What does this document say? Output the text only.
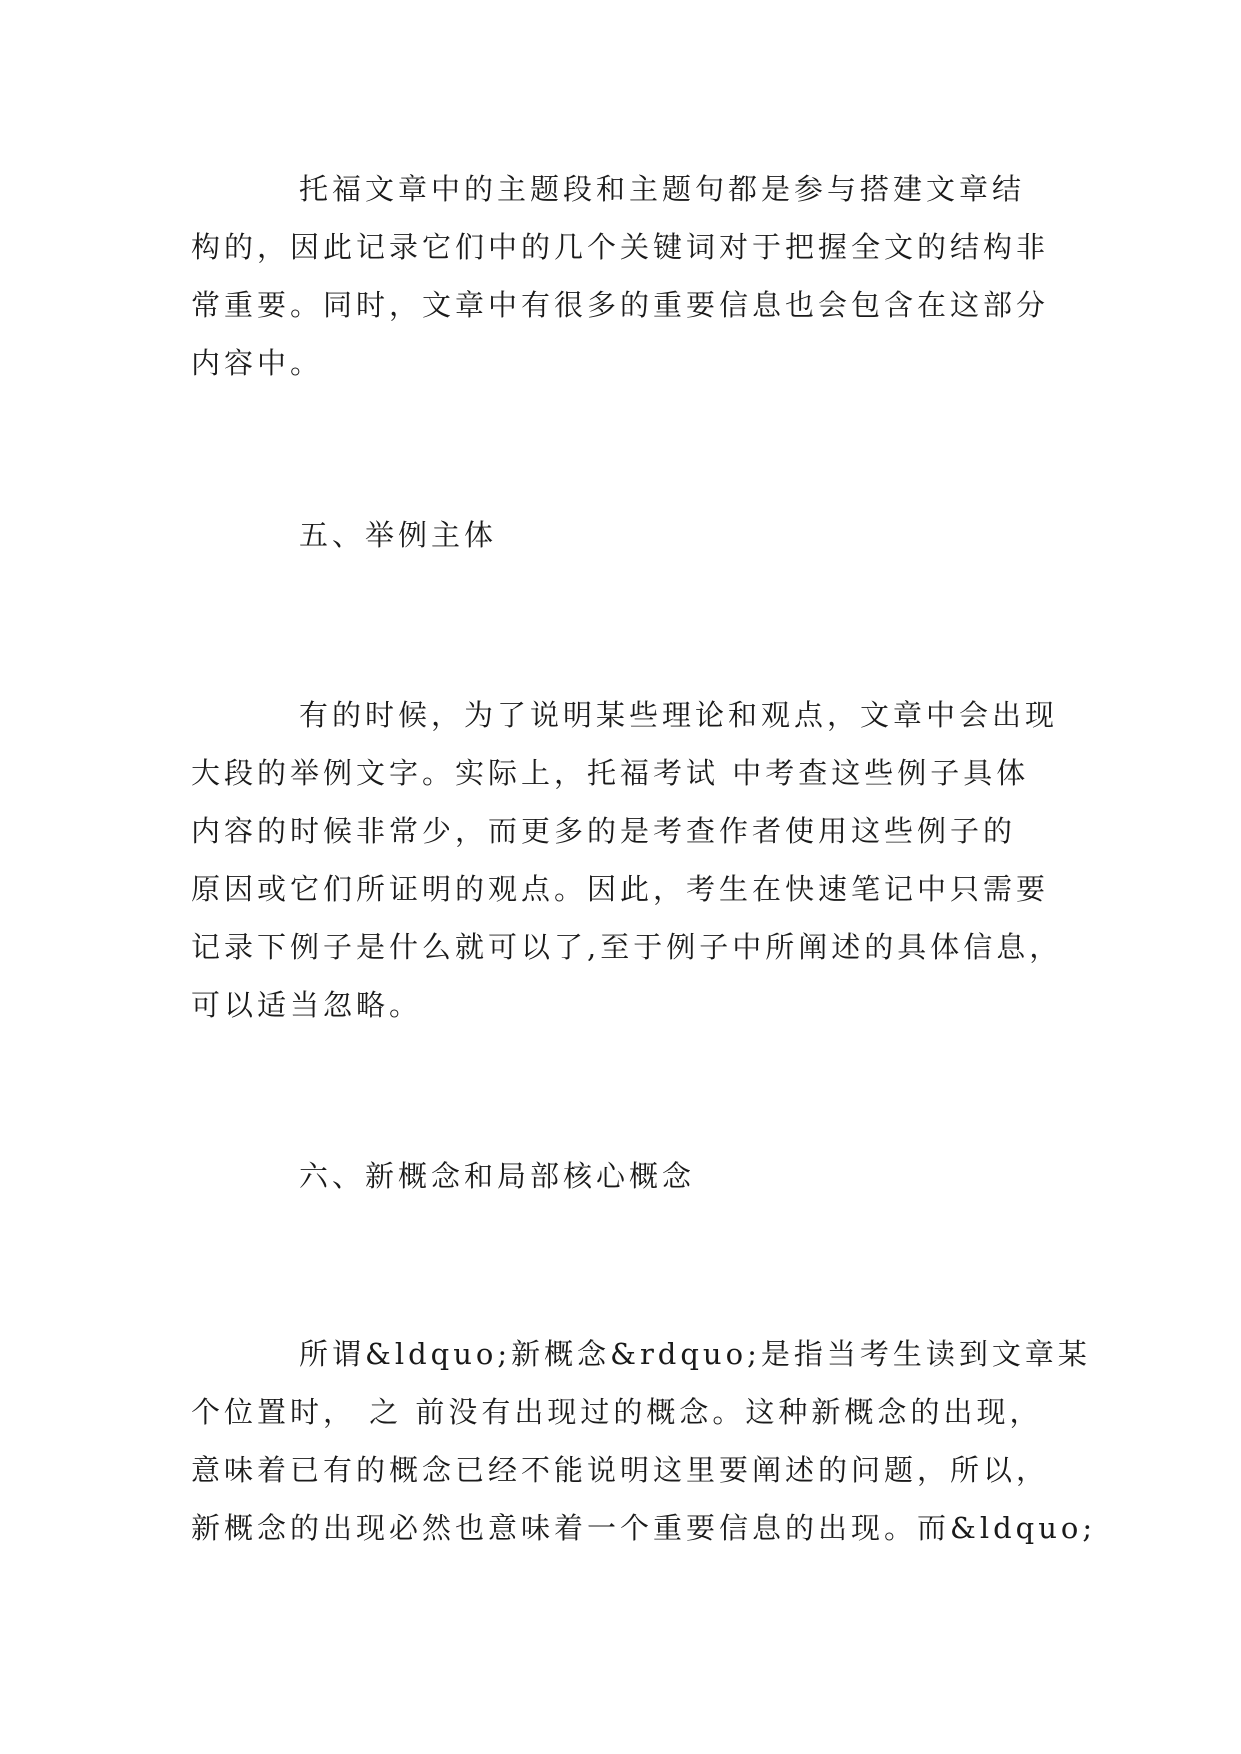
托福文章中的主题段和主题句都是参与搭建文章结
构的，因此记录它们中的几个关键词对于把握全文的结构非
常重要。同时，文章中有很多的重要信息也会包含在这部分
内容中。
五、举例主体
有的时候，为了说明某些理论和观点，文章中会出现
大段的举例文字。实际上，托福考试 中考查这些例子具体
内容的时候非常少，而更多的是考查作者使用这些例子的
原因或它们所证明的观点。因此，考生在快速笔记中只需要
记录下例子是什么就可以了,至于例子中所阐述的具体信息，
可以适当忽略。
六、新概念和局部核心概念
所谓&ldquo;新概念&rdquo;是指当考生读到文章某
个位置时， 之 前没有出现过的概念。这种新概念的出现，
意味着已有的概念已经不能说明这里要阐述的问题，所以，
新概念的出现必然也意味着一个重要信息的出现。而&ldquo;
